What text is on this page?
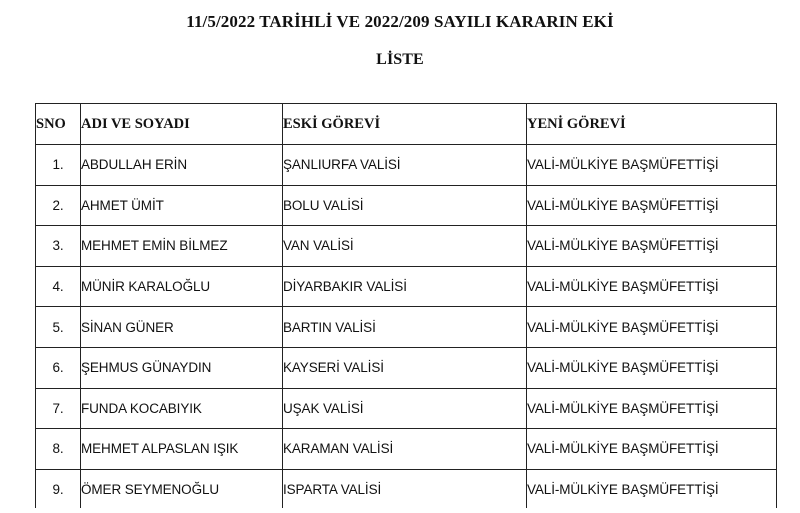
11/5/2022 TARİHLİ VE 2022/209 SAYILI KARARIN EKİ
LİSTE
SNO	ADI VE SOYADI	ESKİ GÖREVİ	YENİ GÖREVİ
1.	ABDULLAH ERİN	ŞANLIURFA VALİSİ	VALİ-MÜLKİYE BAŞMÜFETTİŞİ
2.	AHMET ÜMİT	BOLU VALİSİ	VALİ-MÜLKİYE BAŞMÜFETTİŞİ
3.	MEHMET EMİN BİLMEZ	VAN VALİSİ	VALİ-MÜLKİYE BAŞMÜFETTİŞİ
4.	MÜNİR KARALOĞLU	DİYARBAKIR VALİSİ	VALİ-MÜLKİYE BAŞMÜFETTİŞİ
5.	SİNAN GÜNER	BARTIN VALİSİ	VALİ-MÜLKİYE BAŞMÜFETTİŞİ
6.	ŞEHMUS GÜNAYDIN	KAYSERİ VALİSİ	VALİ-MÜLKİYE BAŞMÜFETTİŞİ
7.	FUNDA KOCABIYIK	UŞAK VALİSİ	VALİ-MÜLKİYE BAŞMÜFETTİŞİ
8.	MEHMET ALPASLAN IŞIK	KARAMAN VALİSİ	VALİ-MÜLKİYE BAŞMÜFETTİŞİ
9.	ÖMER SEYMENOĞLU	ISPARTA VALİSİ	VALİ-MÜLKİYE BAŞMÜFETTİŞİ
